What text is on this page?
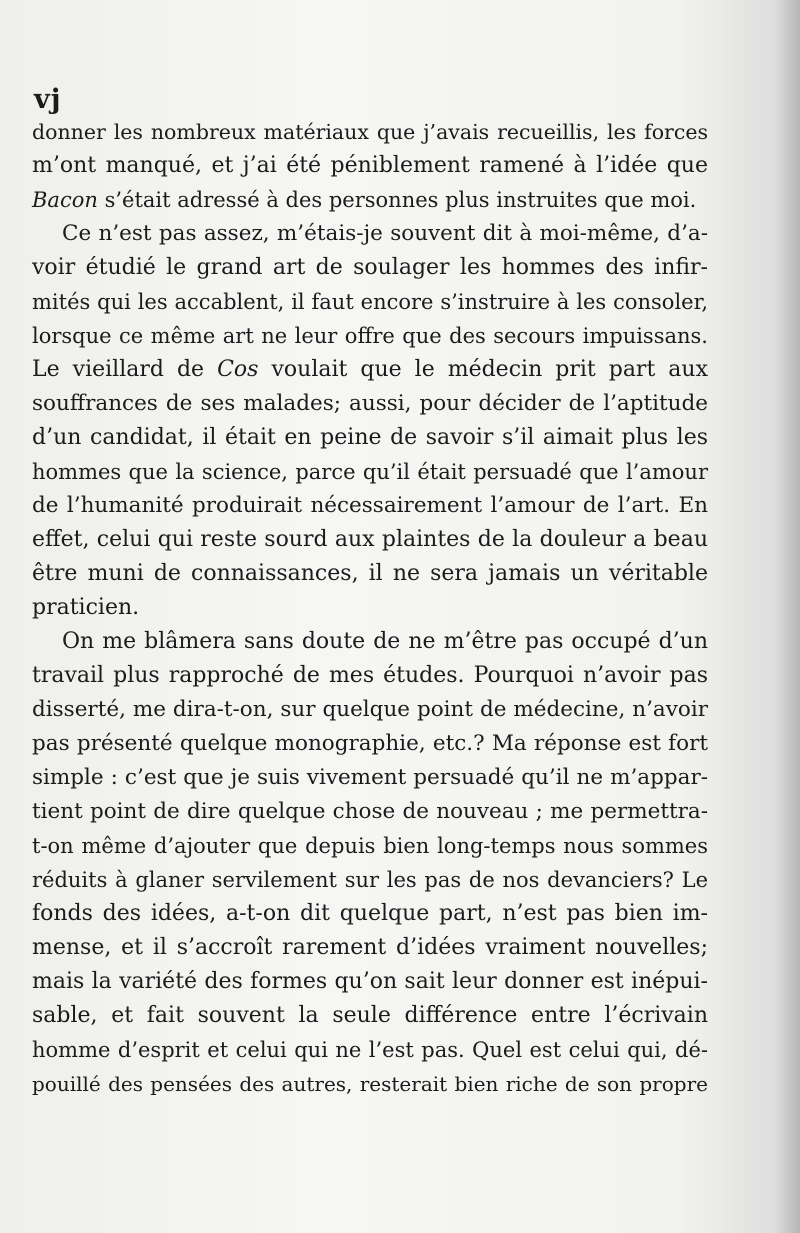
vj
donner les nombreux matériaux que j’avais recueillis, les forces
m’ont manqué, et j’ai été péniblement ramené à l’idée que
Bacon s’était adressé à des personnes plus instruites que moi.
Ce n’est pas assez, m’étais-je souvent dit à moi-même, d’a-
voir étudié le grand art de soulager les hommes des infir-
mités qui les accablent, il faut encore s’instruire à les consoler,
lorsque ce même art ne leur offre que des secours impuissans.
Le vieillard de Cos voulait que le médecin prit part aux
souffrances de ses malades; aussi, pour décider de l’aptitude
d’un candidat, il était en peine de savoir s’il aimait plus les
hommes que la science, parce qu’il était persuadé que l’amour
de l’humanité produirait nécessairement l’amour de l’art. En
effet, celui qui reste sourd aux plaintes de la douleur a beau
être muni de connaissances, il ne sera jamais un véritable
praticien.
On me blâmera sans doute de ne m’être pas occupé d’un
travail plus rapproché de mes études. Pourquoi n’avoir pas
disserté, me dira-t-on, sur quelque point de médecine, n’avoir
pas présenté quelque monographie, etc.? Ma réponse est fort
simple : c’est que je suis vivement persuadé qu’il ne m’appar-
tient point de dire quelque chose de nouveau ; me permettra-
t-on même d’ajouter que depuis bien long-temps nous sommes
réduits à glaner servilement sur les pas de nos devanciers? Le
fonds des idées, a-t-on dit quelque part, n’est pas bien im-
mense, et il s’accroît rarement d’idées vraiment nouvelles;
mais la variété des formes qu’on sait leur donner est inépui-
sable, et fait souvent la seule différence entre l’écrivain
homme d’esprit et celui qui ne l’est pas. Quel est celui qui, dé-
pouillé des pensées des autres, resterait bien riche de son propre
